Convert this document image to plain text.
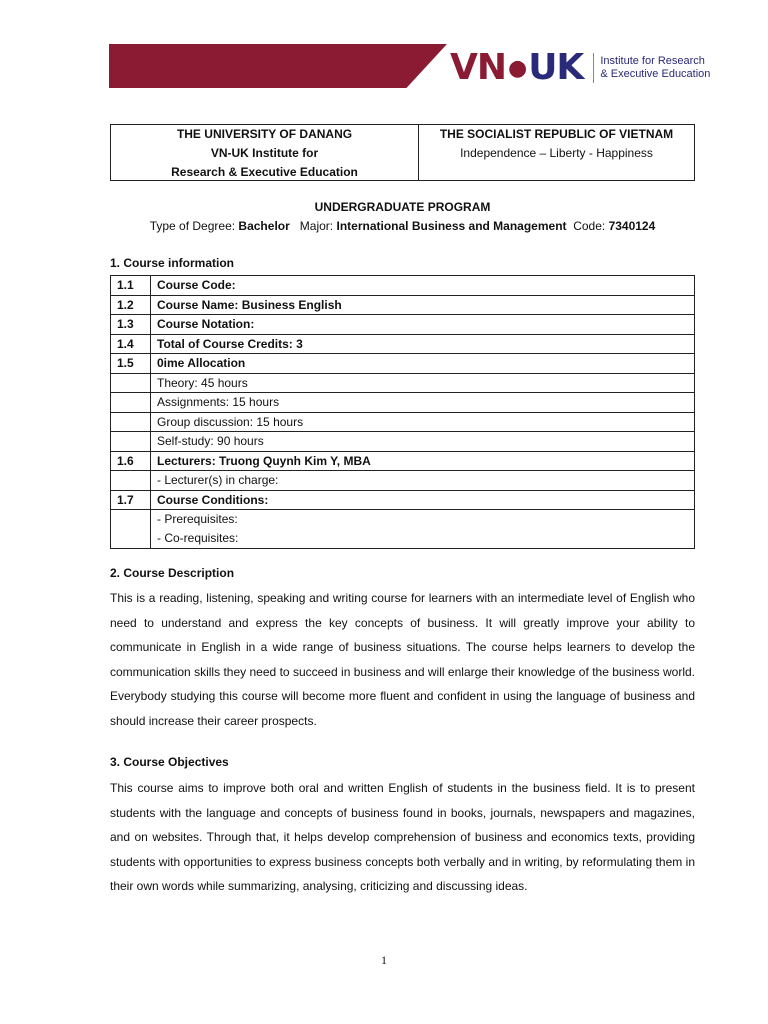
VN●UK Institute for Research
& Executive Education
THE UNIVERSITY OF DANANG
VN-UK Institute for
Research & Executive Education
THE SOCIALIST REPUBLIC OF VIETNAM
Independence – Liberty - Happiness
UNDERGRADUATE PROGRAM
Type of Degree: Bachelor Major: International Business and Management Code: 7340124
1. Course information
1.1	Course Code:
1.2	Course Name: Business English
1.3	Course Notation:
1.4	Total of Course Credits: 3
1.5	0ime Allocation
	Theory: 45 hours
	Assignments: 15 hours
	Group discussion: 15 hours
	Self-study: 90 hours
1.6	Lecturers: Truong Quynh Kim Y, MBA
	- Lecturer(s) in charge:
1.7	Course Conditions:

	- Prerequisites:
- Co-requisites:
2. Course Description
This is a reading, listening, speaking and writing course for learners with an intermediate level of English who need to understand and express the key concepts of business. It will greatly improve your ability to communicate in English in a wide range of business situations. The course helps learners to develop the communication skills they need to succeed in business and will enlarge their knowledge of the business world. Everybody studying this course will become more fluent and confident in using the language of business and should increase their career prospects.
3. Course Objectives
This course aims to improve both oral and written English of students in the business field. It is to present students with the language and concepts of business found in books, journals, newspapers and magazines, and on websites. Through that, it helps develop comprehension of business and economics texts, providing students with opportunities to express business concepts both verbally and in writing, by reformulating them in their own words while summarizing, analysing, criticizing and discussing ideas.
1
